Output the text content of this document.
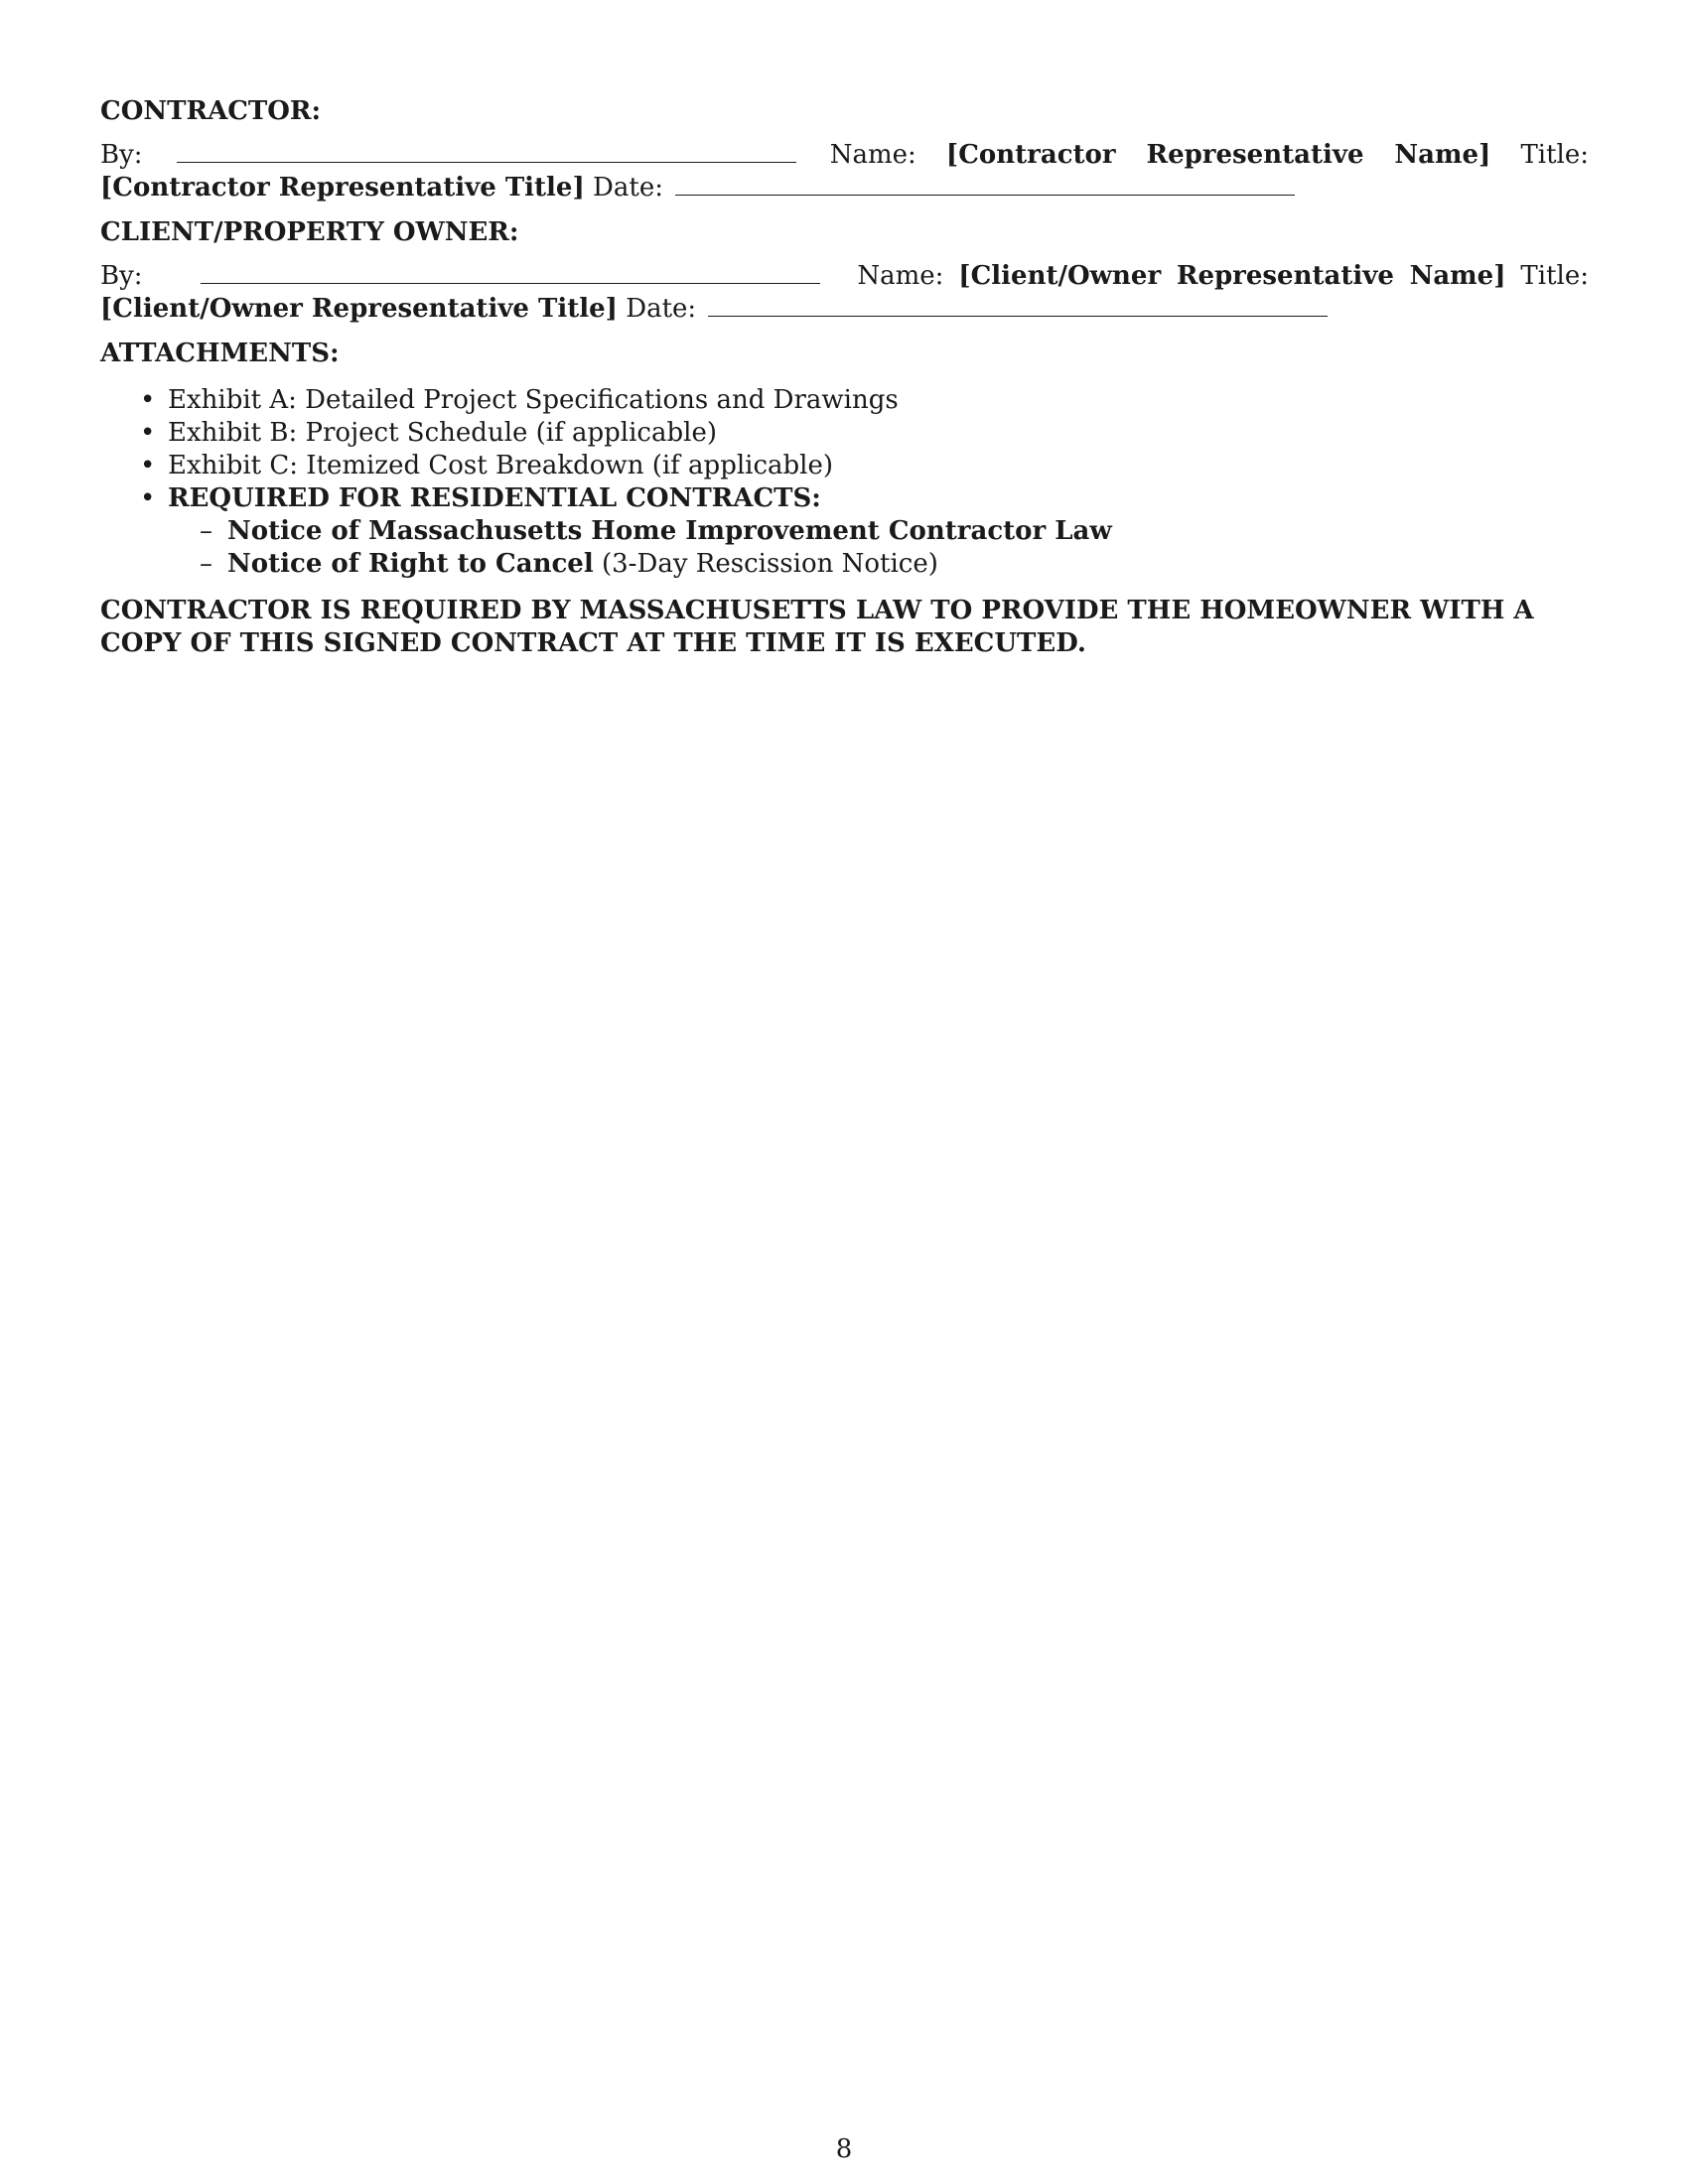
CONTRACTOR:

By:	Name: [Contractor Representative Name] Title: [Contractor Representative Title] Date:

CLIENT/PROPERTY OWNER:

By:	Name: [Client/Owner Representative Name] Title: [Client/Owner Representative Title] Date:

ATTACHMENTS:

• Exhibit A: Detailed Project Specifications and Drawings
• Exhibit B: Project Schedule (if applicable)
• Exhibit C: Itemized Cost Breakdown (if applicable)
• REQUIRED FOR RESIDENTIAL CONTRACTS:
– Notice of Massachusetts Home Improvement Contractor Law
– Notice of Right to Cancel (3-Day Rescission Notice)

CONTRACTOR IS REQUIRED BY MASSACHUSETTS LAW TO PROVIDE THE HOMEOWNER WITH A COPY OF THIS SIGNED CONTRACT AT THE TIME IT IS EXECUTED.

8
